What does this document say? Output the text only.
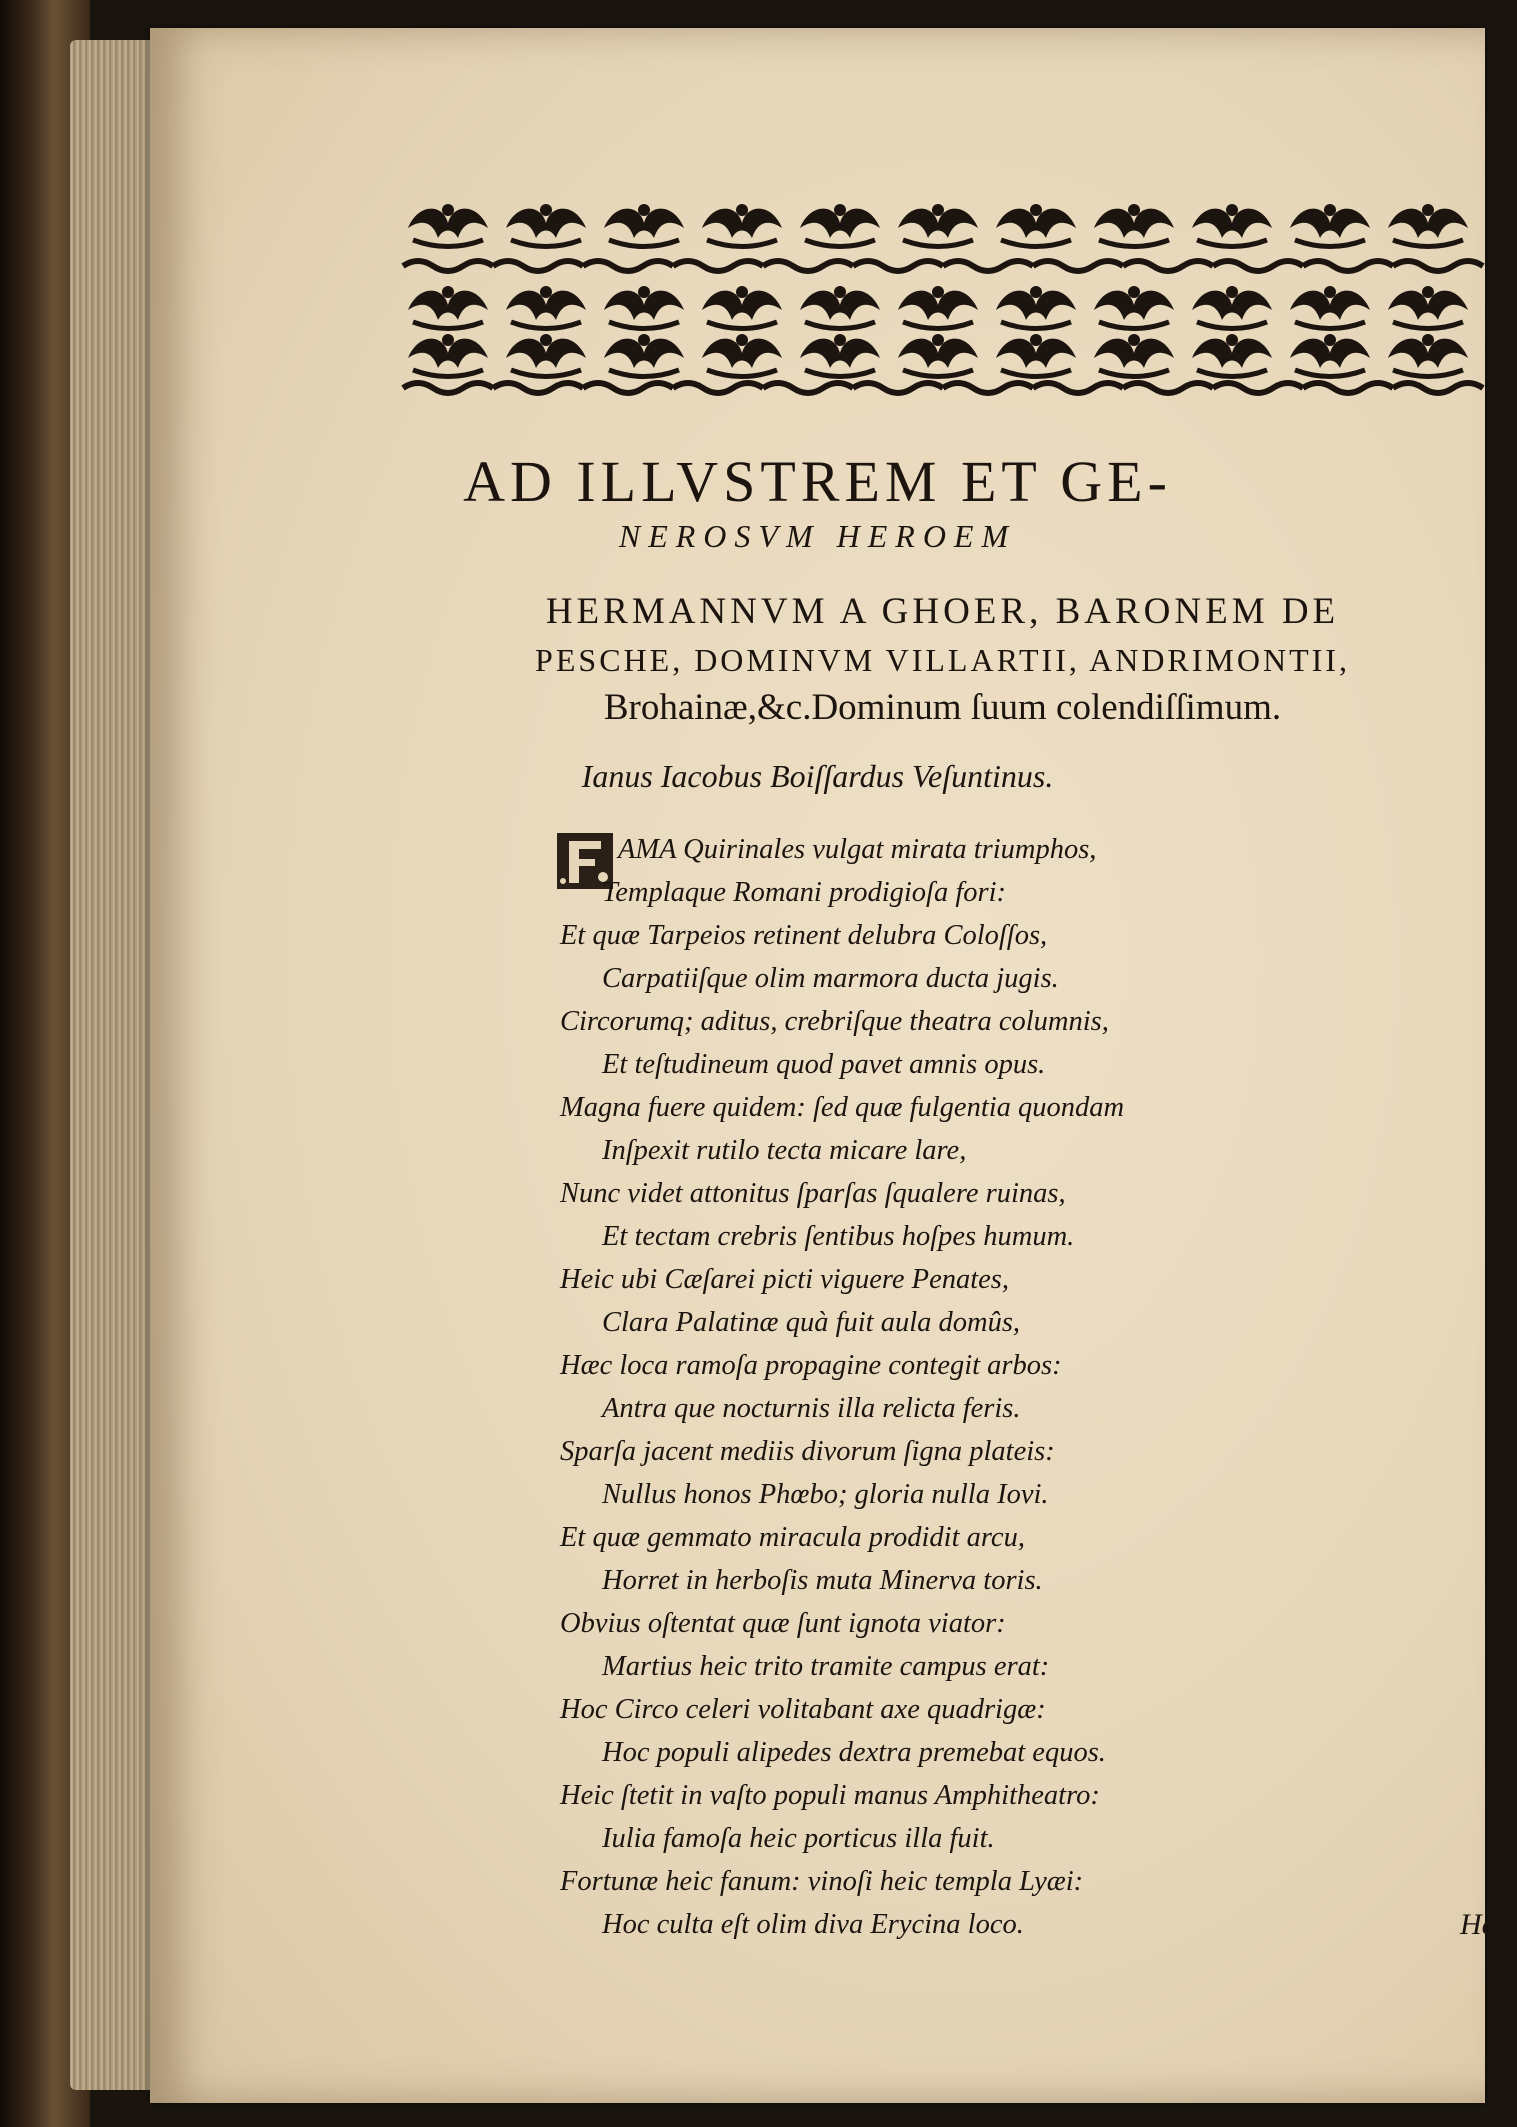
AD ILLVSTREM ET GE-
NEROSVM HEROEM
HERMANNVM A GHOER, BARONEM DE
PESCHE, DOMINVM VILLARTII, ANDRIMONTII,
Brohainæ,&c.Dominum ſuum colendiſſimum.
Ianus Iacobus Boiſſardus Veſuntinus.
AMA Quirinales vulgat mirata triumphos,
Templaque Romani prodigioſa fori:
Et quæ Tarpeios retinent delubra Coloſſos,
Carpatiiſque olim marmora ducta jugis.
Circorumq; aditus, crebriſque theatra columnis,
Et teſtudineum quod pavet amnis opus.
Magna fuere quidem: ſed quæ fulgentia quondam
Inſpexit rutilo tecta micare lare,
Nunc videt attonitus ſparſas ſqualere ruinas,
Et tectam crebris ſentibus hoſpes humum.
Heic ubi Cæſarei picti viguere Penates,
Clara Palatinæ quà fuit aula domûs,
Hæc loca ramoſa propagine contegit arbos:
Antra que nocturnis illa relicta feris.
Sparſa jacent mediis divorum ſigna plateis:
Nullus honos Phœbo; gloria nulla Iovi.
Et quæ gemmato miracula prodidit arcu,
Horret in herboſis muta Minerva toris.
Obvius oſtentat quæ ſunt ignota viator:
Martius heic trito tramite campus erat:
Hoc Circo celeri volitabant axe quadrigæ:
Hoc populi alipedes dextra premebat equos.
Heic ſtetit in vaſto populi manus Amphitheatro:
Iulia famoſa heic porticus illa fuit.
Fortunæ heic fanum: vinoſi heic templa Lyæi:
Hoc culta eſt olim diva Erycina loco.	Heic
